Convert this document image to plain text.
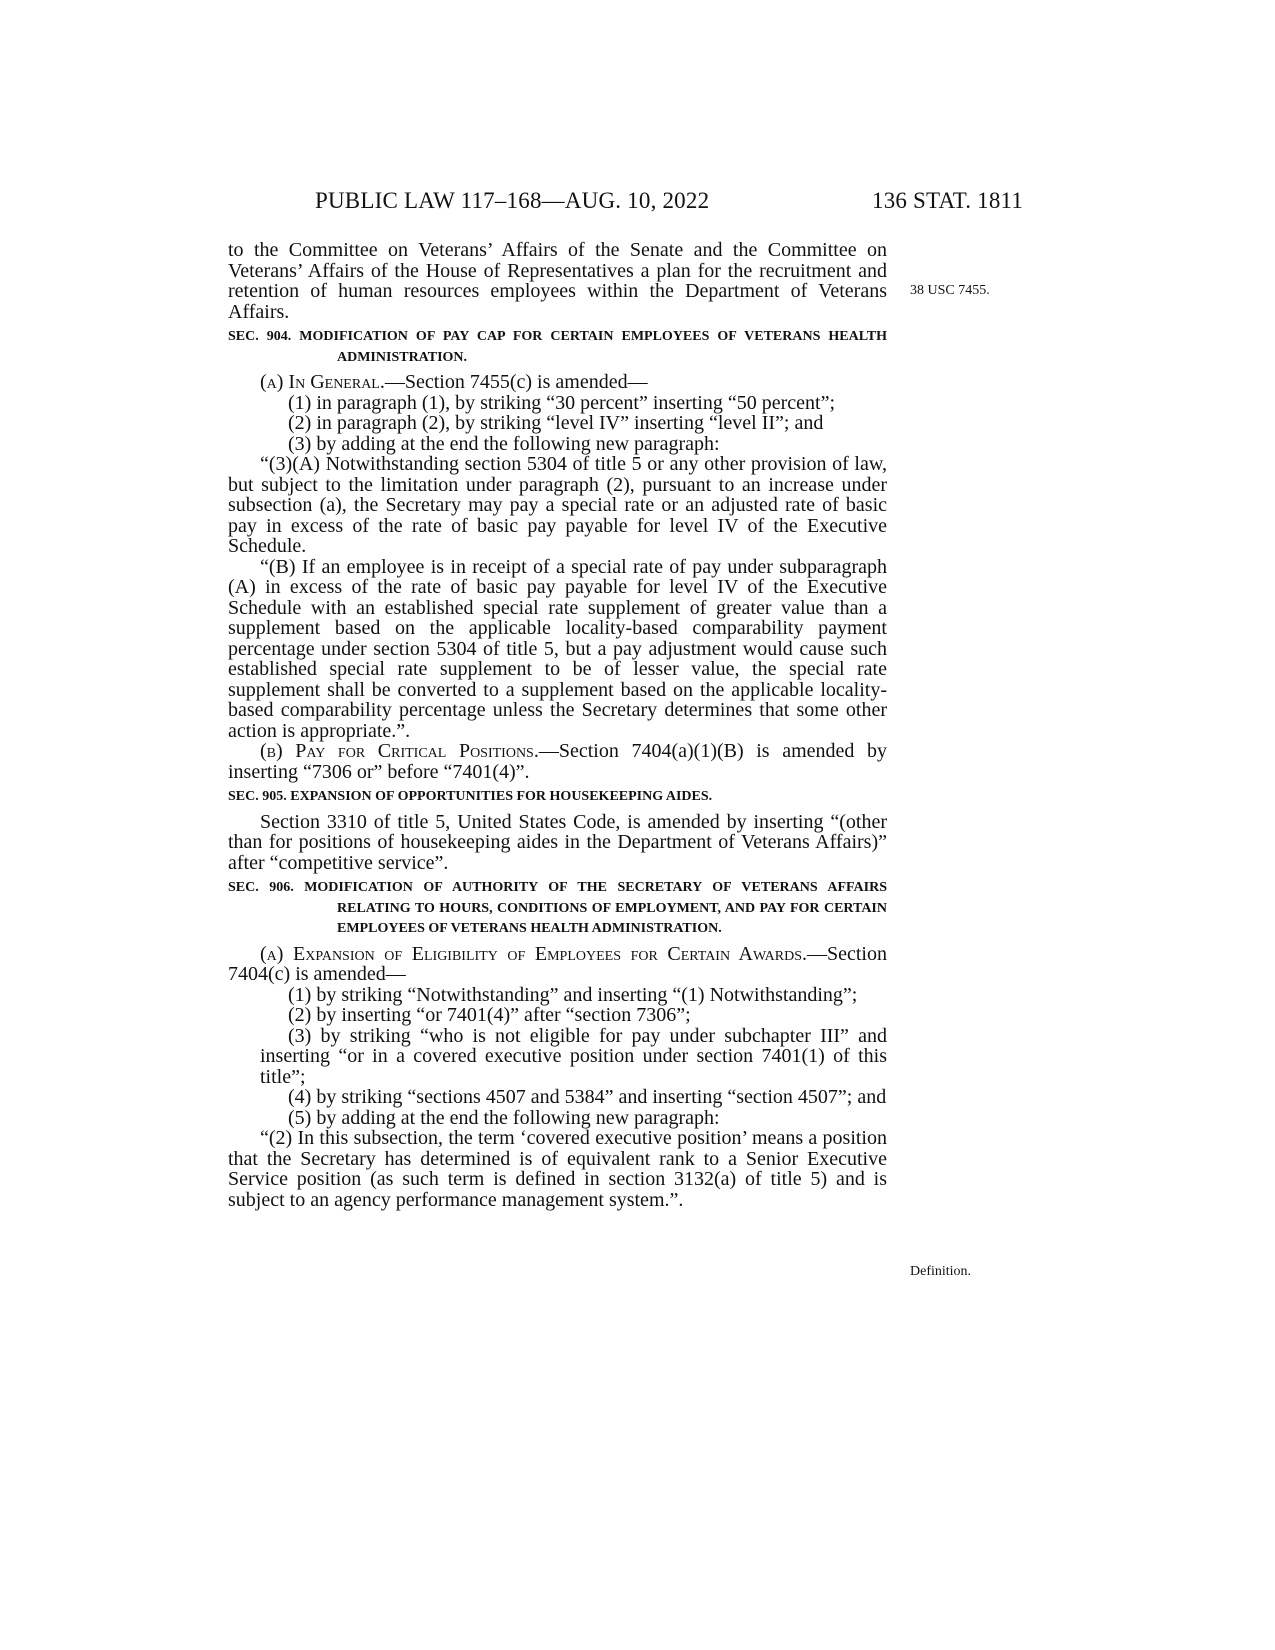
PUBLIC LAW 117–168—AUG. 10, 2022	136 STAT. 1811
38 USC 7455.
Definition.

to the Committee on Veterans’ Affairs of the Senate and the Committee on Veterans’ Affairs of the House of Representatives a plan for the recruitment and retention of human resources employees within the Department of Veterans Affairs.

SEC. 904. MODIFICATION OF PAY CAP FOR CERTAIN EMPLOYEES OF VETERANS HEALTH ADMINISTRATION.

(a) In General.—Section 7455(c) is amended—

(1) in paragraph (1), by striking “30 percent” inserting “50 percent”;

(2) in paragraph (2), by striking “level IV” inserting “level II”; and

(3) by adding at the end the following new paragraph:

“(3)(A) Notwithstanding section 5304 of title 5 or any other provision of law, but subject to the limitation under paragraph (2), pursuant to an increase under subsection (a), the Secretary may pay a special rate or an adjusted rate of basic pay in excess of the rate of basic pay payable for level IV of the Executive Schedule.

“(B) If an employee is in receipt of a special rate of pay under subparagraph (A) in excess of the rate of basic pay payable for level IV of the Executive Schedule with an established special rate supplement of greater value than a supplement based on the applicable locality-based comparability payment percentage under section 5304 of title 5, but a pay adjustment would cause such established special rate supplement to be of lesser value, the special rate supplement shall be converted to a supplement based on the applicable locality-based comparability percentage unless the Secretary determines that some other action is appropriate.”.

(b) Pay for Critical Positions.—Section 7404(a)(1)(B) is amended by inserting “7306 or” before “7401(4)”.

SEC. 905. EXPANSION OF OPPORTUNITIES FOR HOUSEKEEPING AIDES.

Section 3310 of title 5, United States Code, is amended by inserting “(other than for positions of housekeeping aides in the Department of Veterans Affairs)” after “competitive service”.

SEC. 906. MODIFICATION OF AUTHORITY OF THE SECRETARY OF VETERANS AFFAIRS RELATING TO HOURS, CONDITIONS OF EMPLOYMENT, AND PAY FOR CERTAIN EMPLOYEES OF VETERANS HEALTH ADMINISTRATION.

(a) Expansion of Eligibility of Employees for Certain Awards.—Section 7404(c) is amended—

(1) by striking “Notwithstanding” and inserting “(1) Notwithstanding”;

(2) by inserting “or 7401(4)” after “section 7306”;

(3) by striking “who is not eligible for pay under subchapter III” and inserting “or in a covered executive position under section 7401(1) of this title”;

(4) by striking “sections 4507 and 5384” and inserting “section 4507”; and

(5) by adding at the end the following new paragraph:

“(2) In this subsection, the term ‘covered executive position’ means a position that the Secretary has determined is of equivalent rank to a Senior Executive Service position (as such term is defined in section 3132(a) of title 5) and is subject to an agency performance management system.”.
